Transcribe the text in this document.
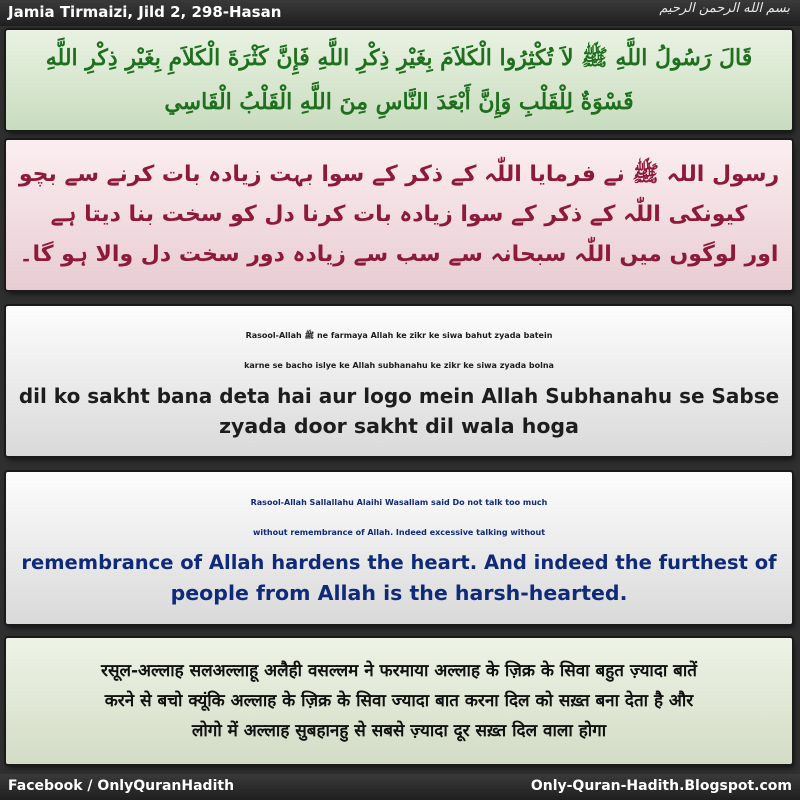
Jamia Tirmaizi, Jild 2, 298-Hasan	بسم الله الرحمن الرحيم
قَالَ رَسُولُ اللَّهِ ﷺ لاَ تُكْثِرُوا الْكَلاَمَ بِغَيْرِ ذِكْرِ اللَّهِ فَإِنَّ كَثْرَةَ الْكَلاَمِ بِغَيْرِ ذِكْرِ اللَّهِ
قَسْوَةٌ لِلْقَلْبِ وَإِنَّ أَبْعَدَ النَّاسِ مِنَ اللَّهِ الْقَلْبُ الْقَاسِي
رسول اللہ ﷺ نے فرمایا اللّٰہ کے ذکر کے سوا بہت زیادہ بات کرنے سے بچو
کیونکی اللّٰہ کے ذکر کے سوا زیادہ بات کرنا دل کو سخت بنا دیتا ہے
اور لوگوں میں اللّٰہ سبحانہ سے سب سے زیادہ دور سخت دل والا ہو گا۔
Rasool-Allah ﷺ ne farmaya Allah ke zikr ke siwa bahut zyada batein
karne se bacho islye ke Allah subhanahu ke zikr ke siwa zyada bolna
dil ko sakht bana deta hai aur logo mein Allah Subhanahu se Sabse
zyada door sakht dil wala hoga
Rasool-Allah Sallallahu Alaihi Wasallam said Do not talk too much
without remembrance of Allah. Indeed excessive talking without
remembrance of Allah hardens the heart. And indeed the furthest of
people from Allah is the harsh-hearted.
रसूल-अल्लाह सलअल्लाहू अलैही वसल्लम ने फरमाया अल्लाह के ज़िक्र के सिवा बहुत ज़्यादा बातें
करने से बचो क्यूंकि अल्लाह के ज़िक्र के सिवा ज्यादा बात करना दिल को सख़्त बना देता है और
लोगो में अल्लाह सुबहानहु से सबसे ज़्यादा दूर सख़्त दिल वाला होगा
Facebook / OnlyQuranHadith	Only-Quran-Hadith.Blogspot.com
